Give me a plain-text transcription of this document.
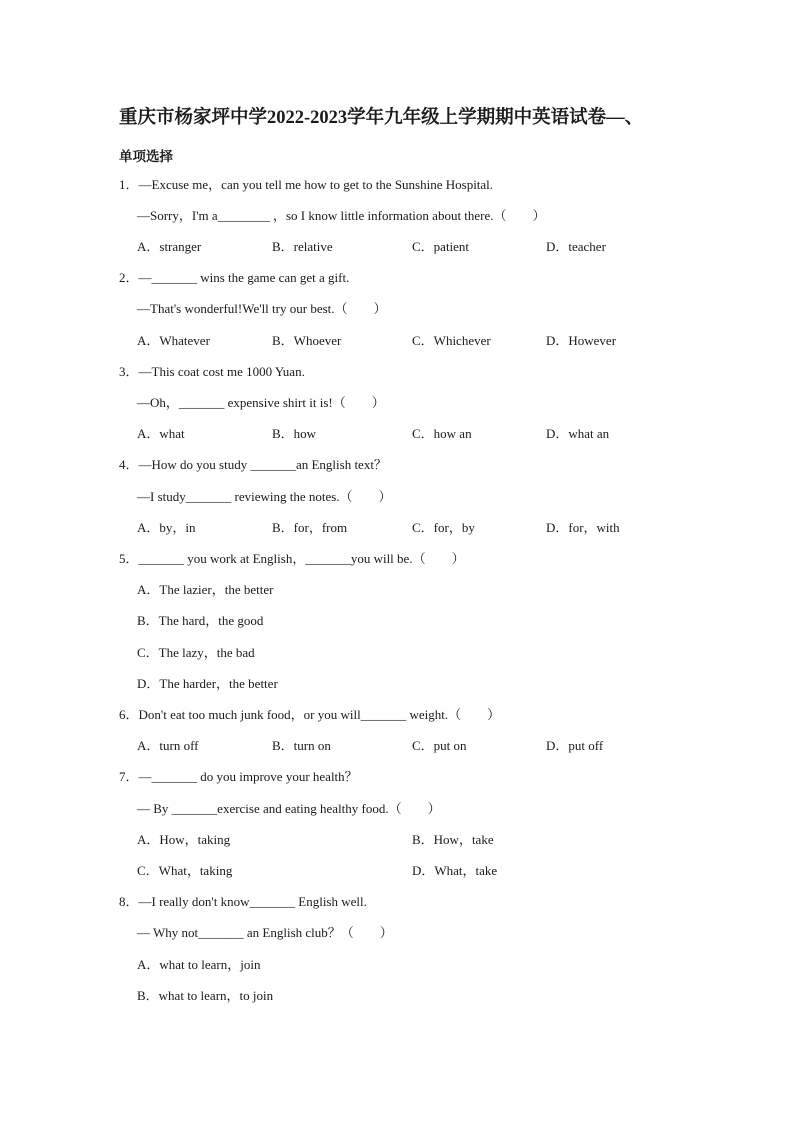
重庆市杨家坪中学2022-2023学年九年级上学期期中英语试卷—、
单项选择
1．—Excuse me，can you tell me how to get to the Sunshine Hospital.
—Sorry，I'm a________ ，so I know little information about there.（　　）
A．stranger	B．relative	C．patient	D．teacher
2．—_______ wins the game can get a gift.
—That's wonderful!We'll try our best.（　　）
A．Whatever	B．Whoever	C．Whichever	D．However
3．—This coat cost me 1000 Yuan.
—Oh，_______ expensive shirt it is!（　　）
A．what	B．how	C．how an	D．what an
4．—How do you study _______an English text？
—I study_______ reviewing the notes.（　　）
A．by，in	B．for，from	C．for，by	D．for，with
5．_______ you work at English，_______you will be.（　　）
A．The lazier，the better
B．The hard，the good
C．The lazy，the bad
D．The harder，the better
6．Don't eat too much junk food，or you will_______ weight.（　　）
A．turn off	B．turn on	C．put on	D．put off
7．—_______ do you improve your health？
— By _______exercise and eating healthy food.（　　）
A．How，taking	B．How，take
C．What，taking	D．What，take
8．—I really don't know_______ English well.
— Why not_______ an English club？（　　）
A．what to learn，join
B．what to learn，to join
